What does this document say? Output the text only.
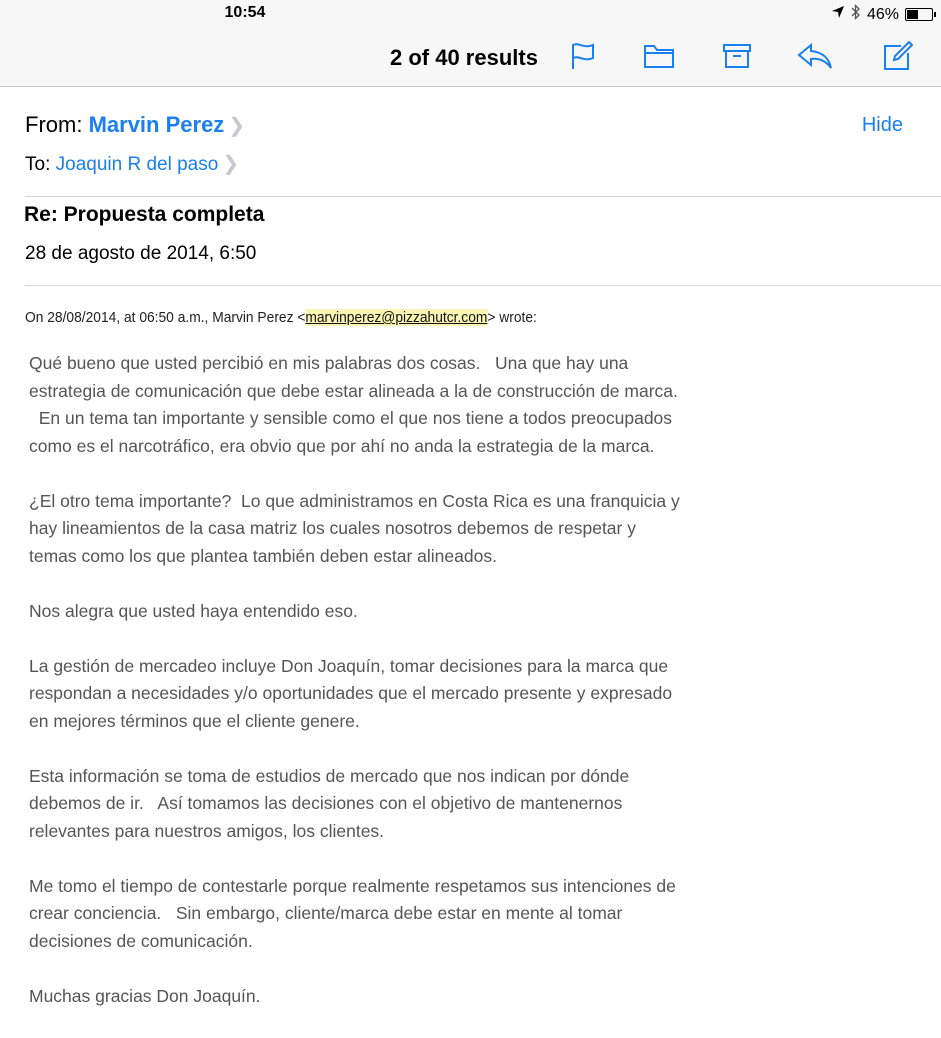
10:54	46%
2 of 40 results
From: Marvin Perez ❯
To: Joaquin R del paso ❯
Hide
Re: Propuesta completa
28 de agosto de 2014, 6:50
On 28/08/2014, at 06:50 a.m., Marvin Perez <marvinperez@pizzahutcr.com> wrote:

Qué bueno que usted percibió en mis palabras dos cosas.   Una que hay una
estrategia de comunicación que debe estar alineada a la de construcción de marca.
En un tema tan importante y sensible como el que nos tiene a todos preocupados
como es el narcotráfico, era obvio que por ahí no anda la estrategia de la marca.

¿El otro tema importante?  Lo que administramos en Costa Rica es una franquicia y
hay lineamientos de la casa matriz los cuales nosotros debemos de respetar y
temas como los que plantea también deben estar alineados.

Nos alegra que usted haya entendido eso.

La gestión de mercadeo incluye Don Joaquín, tomar decisiones para la marca que
respondan a necesidades y/o oportunidades que el mercado presente y expresado
en mejores términos que el cliente genere.

Esta información se toma de estudios de mercado que nos indican por dónde
debemos de ir.   Así tomamos las decisiones con el objetivo de mantenernos
relevantes para nuestros amigos, los clientes.

Me tomo el tiempo de contestarle porque realmente respetamos sus intenciones de
crear conciencia.   Sin embargo, cliente/marca debe estar en mente al tomar
decisiones de comunicación.

Muchas gracias Don Joaquín.
